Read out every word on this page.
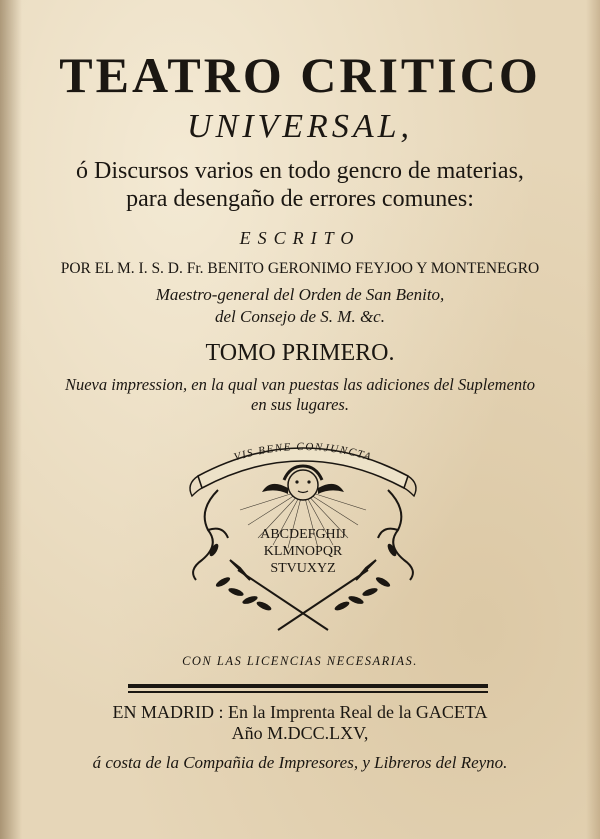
TEATRO CRITICO
UNIVERSAL,
ó Discursos varios en todo gencro de materias,
para desengaño de errores comunes:
ESCRITO
POR EL M. I. S. D. Fr. BENITO GERONIMO FEYJOO Y MONTENEGRO
Maestro-general del Orden de San Benito,
del Consejo de S. M. &c.
TOMO PRIMERO.
Nueva impression, en la qual van puestas las adiciones del Suplemento
en sus lugares.
VIS BENE CONJUNCTA
ABCDEFGHIJ
KLMNOPQR
STVUXYZ
CON LAS LICENCIAS NECESARIAS.
EN MADRID : En la Imprenta Real de la GACETA
Año M.DCC.LXV,
á costa de la Compañia de Impresores, y Libreros del Reyno.
